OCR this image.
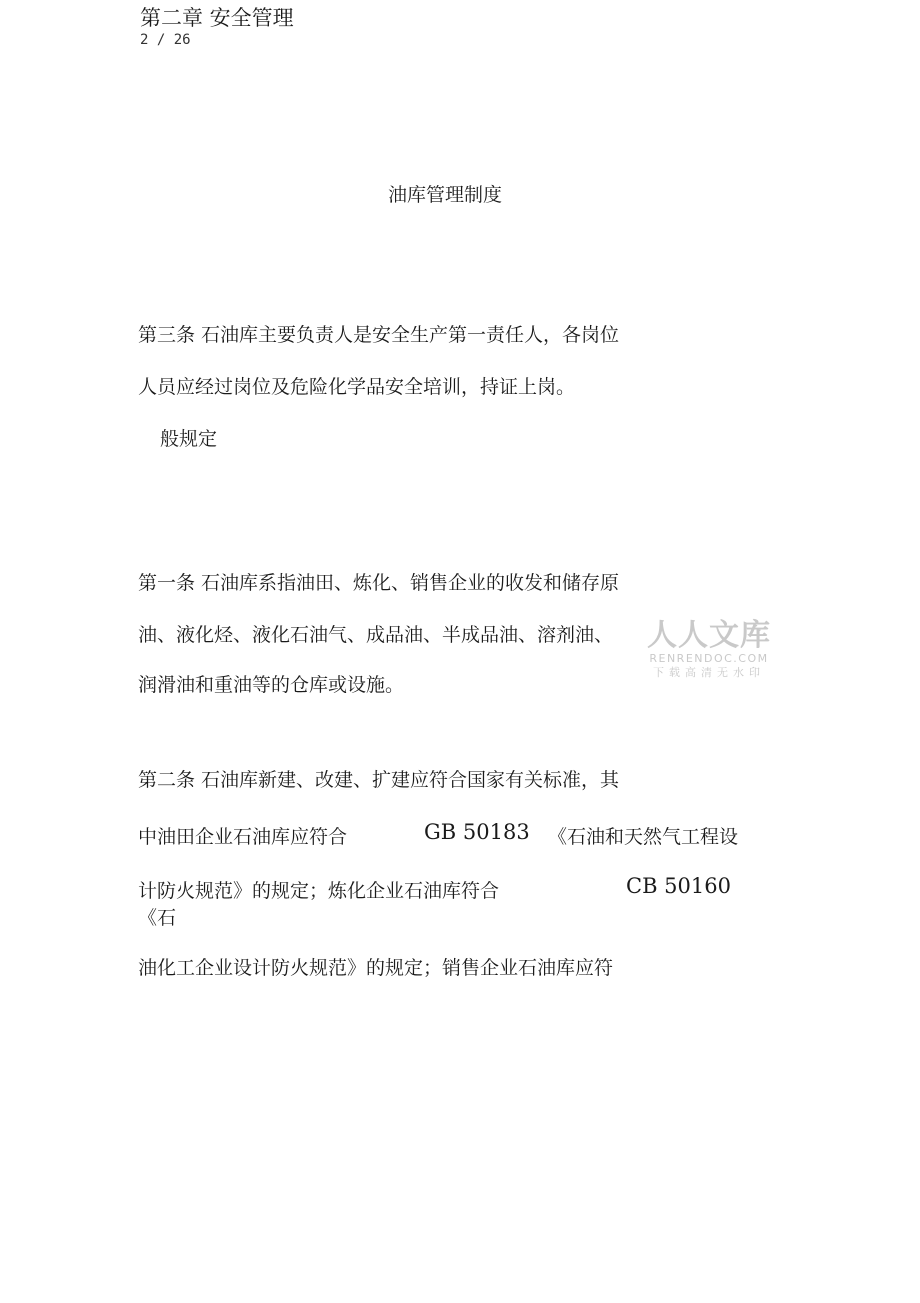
第二章 安全管理
2 / 26
油库管理制度
第三条 石油库主要负责人是安全生产第一责任人，各岗位
人员应经过岗位及危险化学品安全培训，持证上岗。
般规定
第一条 石油库系指油田、炼化、销售企业的收发和储存原
油、液化烃、液化石油气、成品油、半成品油、溶剂油、
润滑油和重油等的仓库或设施。
第二条 石油库新建、改建、扩建应符合国家有关标准，其
中油田企业石油库应符合	GB 50183 《石油和天然气工程设
计防火规范》的规定；炼化企业石油库符合	CB 50160
《石
油化工企业设计防火规范》的规定；销售企业石油库应符
人人文库
RENRENDOC.COM
下载高清无水印
